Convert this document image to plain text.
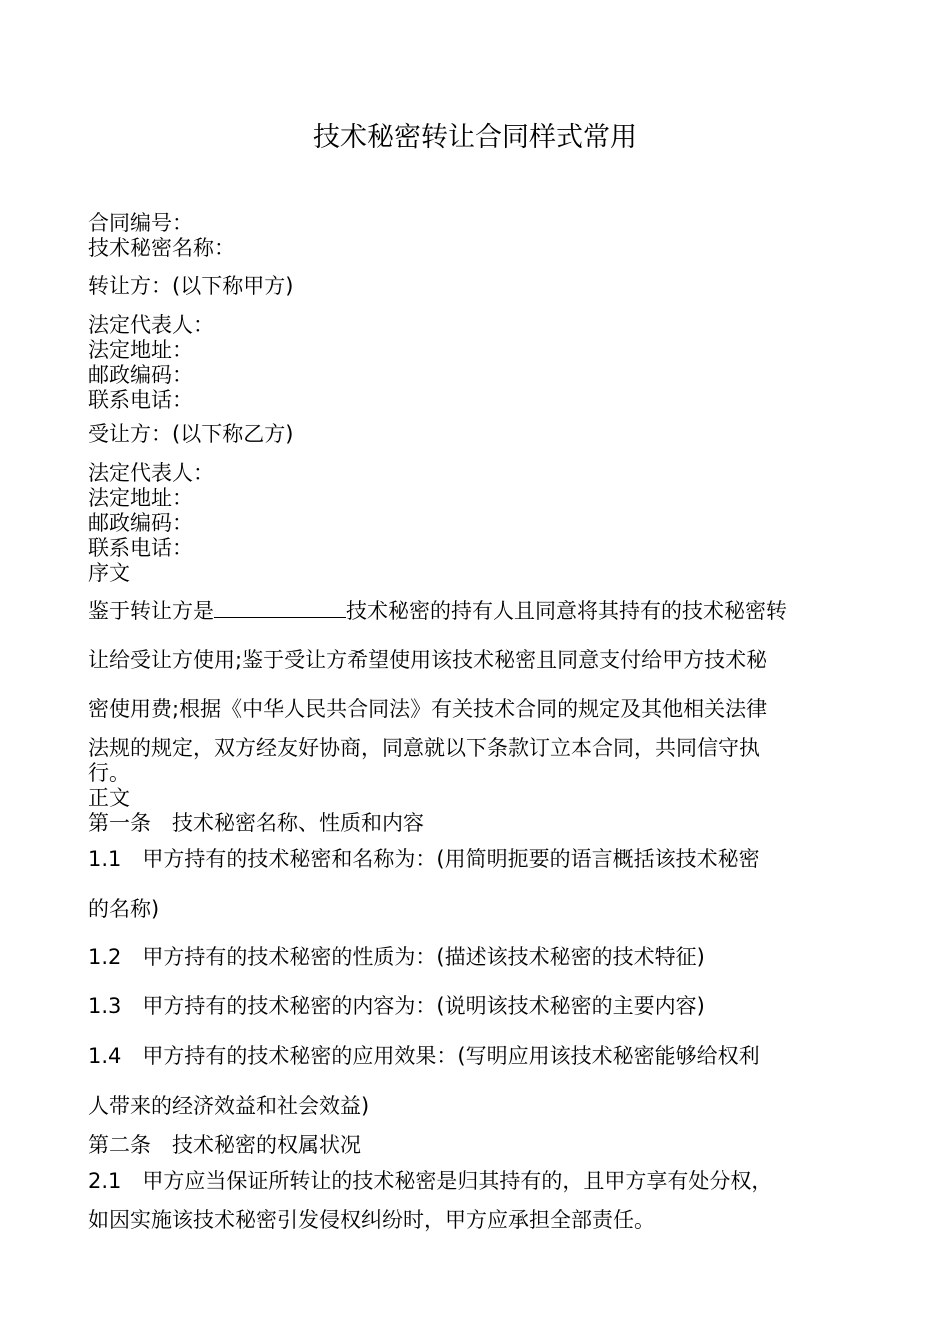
技术秘密转让合同样式常用
合同编号：
技术秘密名称：
转让方：(以下称甲方)
法定代表人：
法定地址：
邮政编码：
联系电话：
受让方：(以下称乙方)
法定代表人：
法定地址：
邮政编码：
联系电话：
序文
鉴于转让方是	技术秘密的持有人且同意将其持有的技术秘密转
让给受让方使用;鉴于受让方希望使用该技术秘密且同意支付给甲方技术秘
密使用费;根据《中华人民共合同法》有关技术合同的规定及其他相关法律
法规的规定，双方经友好协商，同意就以下条款订立本合同，共同信守执
行。
正文
第一条　技术秘密名称、性质和内容
1.1　甲方持有的技术秘密和名称为：(用简明扼要的语言概括该技术秘密
的名称)
1.2　甲方持有的技术秘密的性质为：(描述该技术秘密的技术特征)
1.3　甲方持有的技术秘密的内容为：(说明该技术秘密的主要内容)
1.4　甲方持有的技术秘密的应用效果：(写明应用该技术秘密能够给权利
人带来的经济效益和社会效益)
第二条　技术秘密的权属状况
2.1　甲方应当保证所转让的技术秘密是归其持有的，且甲方享有处分权，
如因实施该技术秘密引发侵权纠纷时，甲方应承担全部责任。
